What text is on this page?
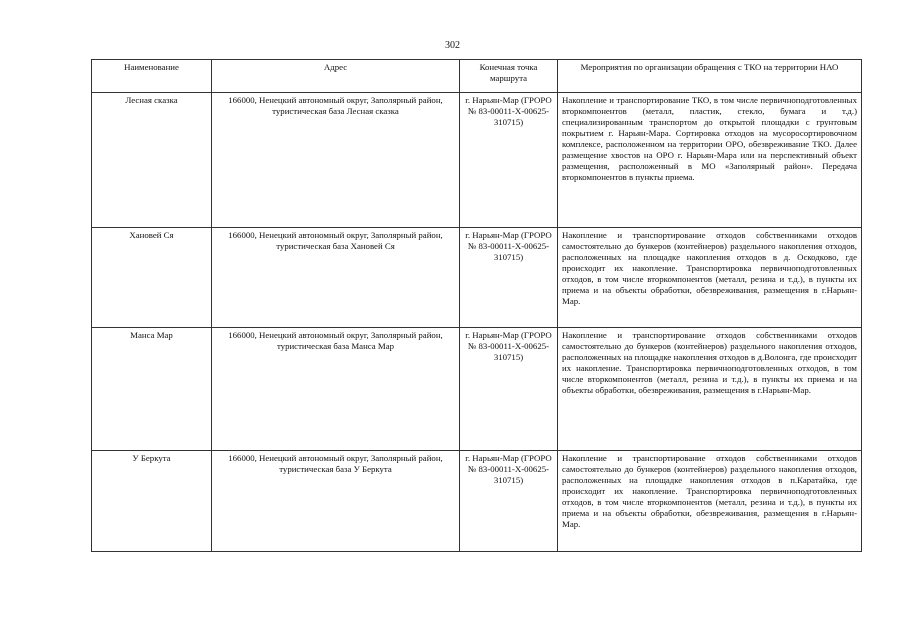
302
Наименование	Адрес	Конечная точка маршрута	Мероприятия по организации обращения с ТКО на территории НАО
Лесная сказка	166000, Ненецкий автономный округ, Заполярный район, туристическая база Лесная сказка	г. Нарьян-Мар (ГРОРО № 83-00011-Х-00625-310715)	Накопление и транспортирование ТКО, в том числе первичноподготовленных вторкомпонентов (металл, пластик, стекло, бумага и т.д.) специализированным транспортом до открытой площадки с грунтовым покрытием г. Нарьян-Мара. Сортировка отходов на мусоросортировочном комплексе, расположенном на территории ОРО, обезвреживание ТКО. Далее размещение хвостов на ОРО г. Нарьян-Мара или на перспективный объект размещения, расположенный в МО «Заполярный район». Передача вторкомпонентов в пункты приема.
Хановей Ся	166000, Ненецкий автономный округ, Заполярный район, туристическая база Хановей Ся	г. Нарьян-Мар (ГРОРО № 83-00011-Х-00625-310715)	Накопление и транспортирование отходов собственниками отходов самостоятельно до бункеров (контейнеров) раздельного накопления отходов, расположенных на площадке накопления отходов в д. Оскодково, где происходит их накопление. Транспортировка первичноподготовленных отходов, в том числе вторкомпонентов (металл, резина и т.д.), в пункты их приема и на объекты обработки, обезвреживания, размещения в г.Нарьян-Мар.
Манса Мар	166000, Ненецкий автономный округ, Заполярный район, туристическая база Манса Мар	г. Нарьян-Мар (ГРОРО № 83-00011-Х-00625-310715)	Накопление и транспортирование отходов собственниками отходов самостоятельно до бункеров (контейнеров) раздельного накопления отходов, расположенных на площадке накопления отходов в д.Волонга, где происходит их накопление. Транспортировка первичноподготовленных отходов, в том числе вторкомпонентов (металл, резина и т.д.), в пункты их приема и на объекты обработки, обезвреживания, размещения в г.Нарьян-Мар.
У Беркута	166000, Ненецкий автономный округ, Заполярный район, туристическая база У Беркута	г. Нарьян-Мар (ГРОРО № 83-00011-Х-00625-310715)	Накопление и транспортирование отходов собственниками отходов самостоятельно до бункеров (контейнеров) раздельного накопления отходов, расположенных на площадке накопления отходов в п.Каратайка, где происходит их накопление. Транспортировка первичноподготовленных отходов, в том числе вторкомпонентов (металл, резина и т.д.), в пункты их приема и на объекты обработки, обезвреживания, размещения в г.Нарьян-Мар.
